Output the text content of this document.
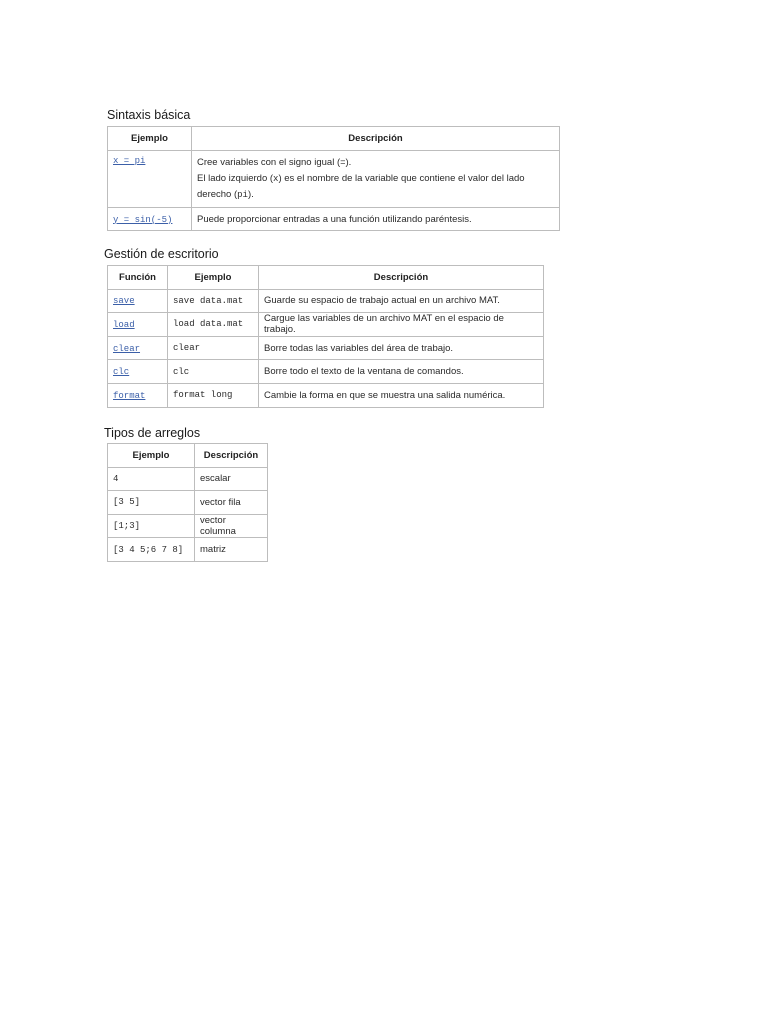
Sintaxis básica
Ejemplo	Descripción
x = pi	Cree variables con el signo igual (=).
El lado izquierdo (x) es el nombre de la variable que contiene el valor del lado
derecho (pi).

y = sin(-5)	Puede proporcionar entradas a una función utilizando paréntesis.
Gestión de escritorio
Función	Ejemplo	Descripción
save	save data.mat	Guarde su espacio de trabajo actual en un archivo MAT.
load	load data.mat	Cargue las variables de un archivo MAT en el espacio de trabajo.
clear	clear	Borre todas las variables del área de trabajo.
clc	clc	Borre todo el texto de la ventana de comandos.
format	format long	Cambie la forma en que se muestra una salida numérica.
Tipos de arreglos
Ejemplo	Descripción
4	escalar
[3 5]	vector fila
[1;3]	vector columna
[3 4 5;6 7 8]	matriz
